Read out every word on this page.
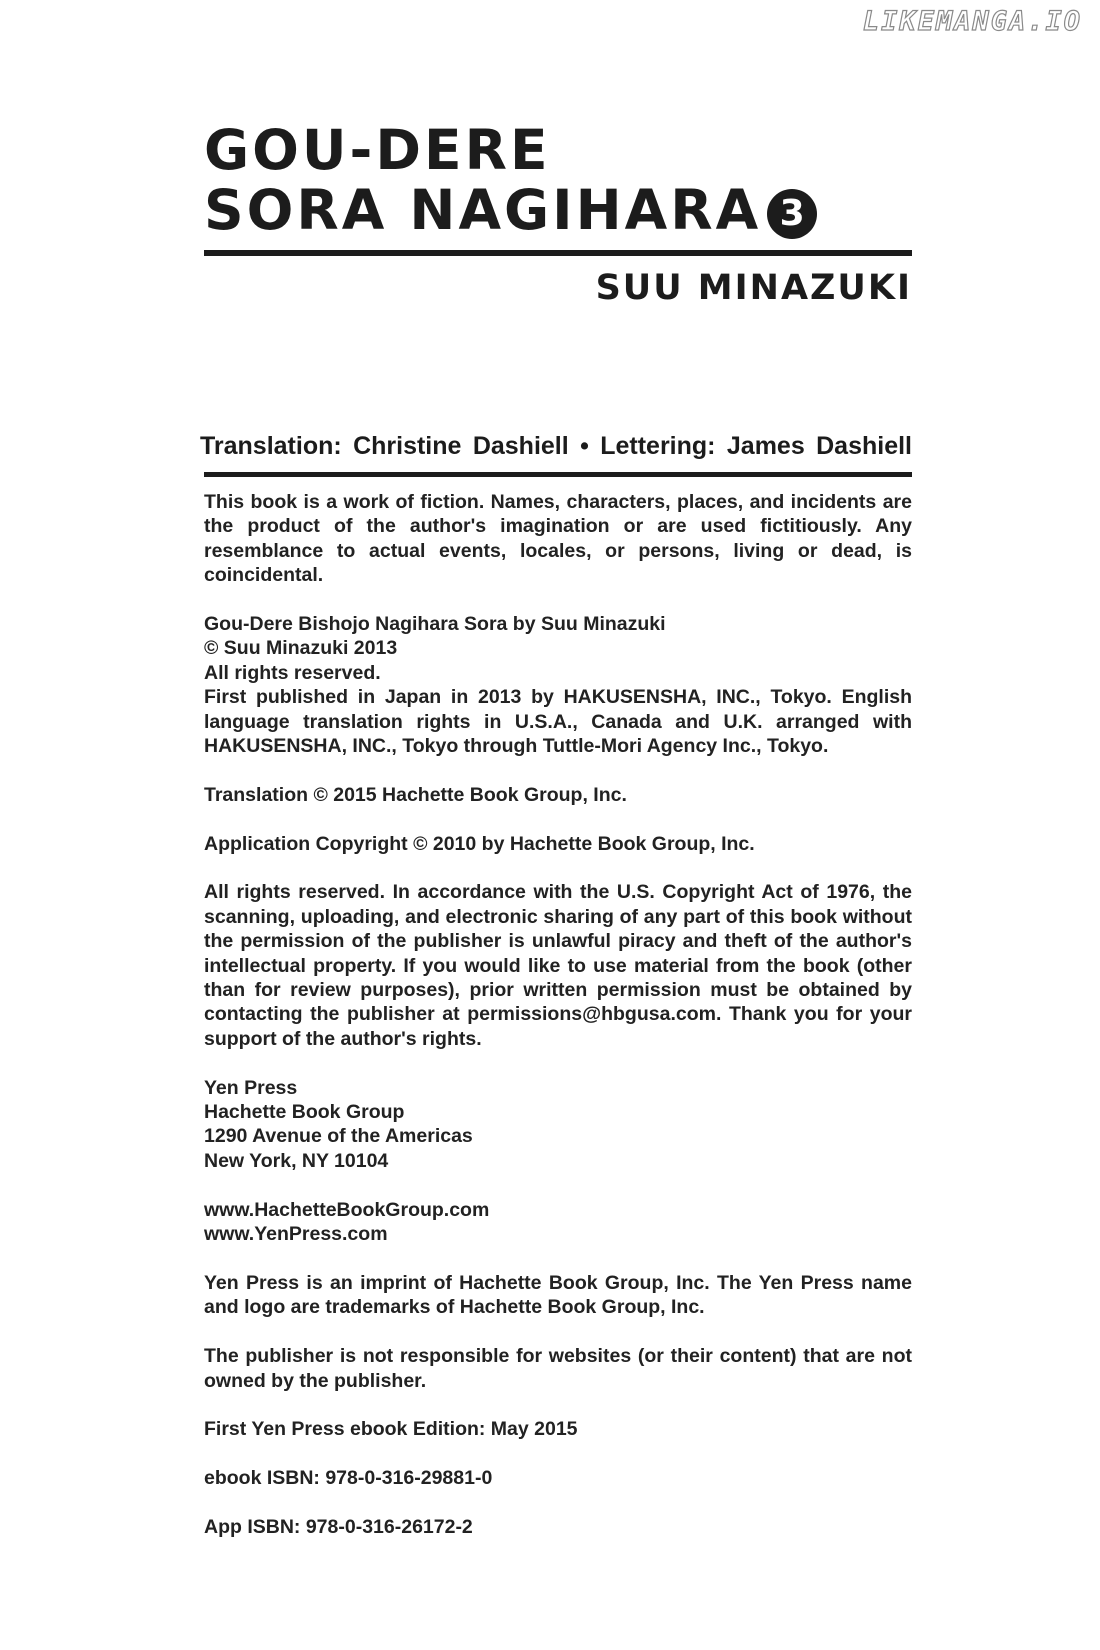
LIKEMANGA.IO
GOU-DERE
SORA NAGIHARA 3
SUU MINAZUKI
Translation: Christine Dashiell • Lettering: James Dashiell

This book is a work of fiction. Names, characters, places, and incidents are the product of the author's imagination or are used fictitiously. Any resemblance to actual events, locales, or persons, living or dead, is coincidental.

Gou-Dere Bishojo Nagihara Sora by Suu Minazuki
© Suu Minazuki 2013
All rights reserved.
First published in Japan in 2013 by HAKUSENSHA, INC., Tokyo. English
language translation rights in U.S.A., Canada and U.K. arranged with
HAKUSENSHA, INC., Tokyo through Tuttle-Mori Agency Inc., Tokyo.

Translation © 2015 Hachette Book Group, Inc.

Application Copyright © 2010 by Hachette Book Group, Inc.

All rights reserved. In accordance with the U.S. Copyright Act of 1976, the scanning, uploading, and electronic sharing of any part of this book without the permission of the publisher is unlawful piracy and theft of the author's intellectual property. If you would like to use material from the book (other than for review purposes), prior written permission must be obtained by contacting the publisher at permissions@hbgusa.com. Thank you for your support of the author's rights.

Yen Press
Hachette Book Group
1290 Avenue of the Americas
New York, NY 10104

www.HachetteBookGroup.com
www.YenPress.com

Yen Press is an imprint of Hachette Book Group, Inc. The Yen Press name and logo are trademarks of Hachette Book Group, Inc.

The publisher is not responsible for websites (or their content) that are not owned by the publisher.

First Yen Press ebook Edition: May 2015

ebook ISBN: 978-0-316-29881-0

App ISBN: 978-0-316-26172-2
